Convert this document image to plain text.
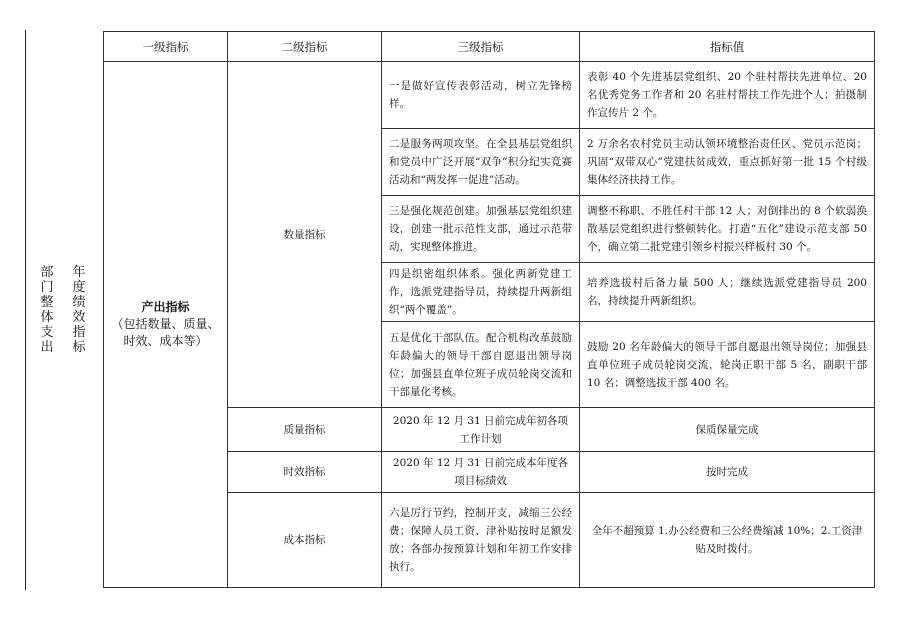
部
门
整
体
支
出
年
度
绩
效
指
标
一级指标	二级指标	三级指标	指标值

产出指标
（包括数量、质量、时效、成本等）	数量指标	一是做好宣传表彰活动，树立先锋榜样。	表彰 40 个先进基层党组织、20 个驻村帮扶先进单位、20 名优秀党务工作者和 20 名驻村帮扶工作先进个人；拍摄制作宣传片 2 个。

		二是服务两项攻坚。在全县基层党组织和党员中广泛开展“双争”积分纪实竞赛活动和“两发挥一促进”活动。	2 万余名农村党员主动认领环境整治责任区、党员示范岗；巩固“双带双心”党建扶贫成效，重点抓好第一批 15 个村级集体经济扶持工作。

		三是强化规范创建。加强基层党组织建设，创建一批示范性支部，通过示范带动，实现整体推进。	调整不称职、不胜任村干部 12 人；对倒排出的 8 个软弱涣散基层党组织进行整顿转化。打造“五化”建设示范支部 50 个，确立第二批党建引领乡村振兴样板村 30 个。

		四是织密组织体系。强化两新党建工作，选派党建指导员，持续提升两新组织“两个覆盖”。	培养选拔村后备力量 500 人；继续选派党建指导员 200 名，持续提升两新组织。

		五是优化干部队伍。配合机构改革鼓励年龄偏大的领导干部自愿退出领导岗位；加强县直单位班子成员轮岗交流和干部量化考核。	鼓励 20 名年龄偏大的领导干部自愿退出领导岗位；加强县直单位班子成员轮岗交流，轮岗正职干部 5 名，副职干部 10 名；调整选拔干部 400 名。

	质量指标	2020 年 12 月 31 日前完成年初各项工作计划	保质保量完成

	时效指标	2020 年 12 月 31 日前完成本年度各项目标绩效	按时完成

	成本指标	六是厉行节约，控制开支，减缩三公经费；保障人员工资、津补贴按时足额发放；各部办按预算计划和年初工作安排执行。	全年不超预算 1.办公经费和三公经费缩减 10%；2.工资津贴及时拨付。
